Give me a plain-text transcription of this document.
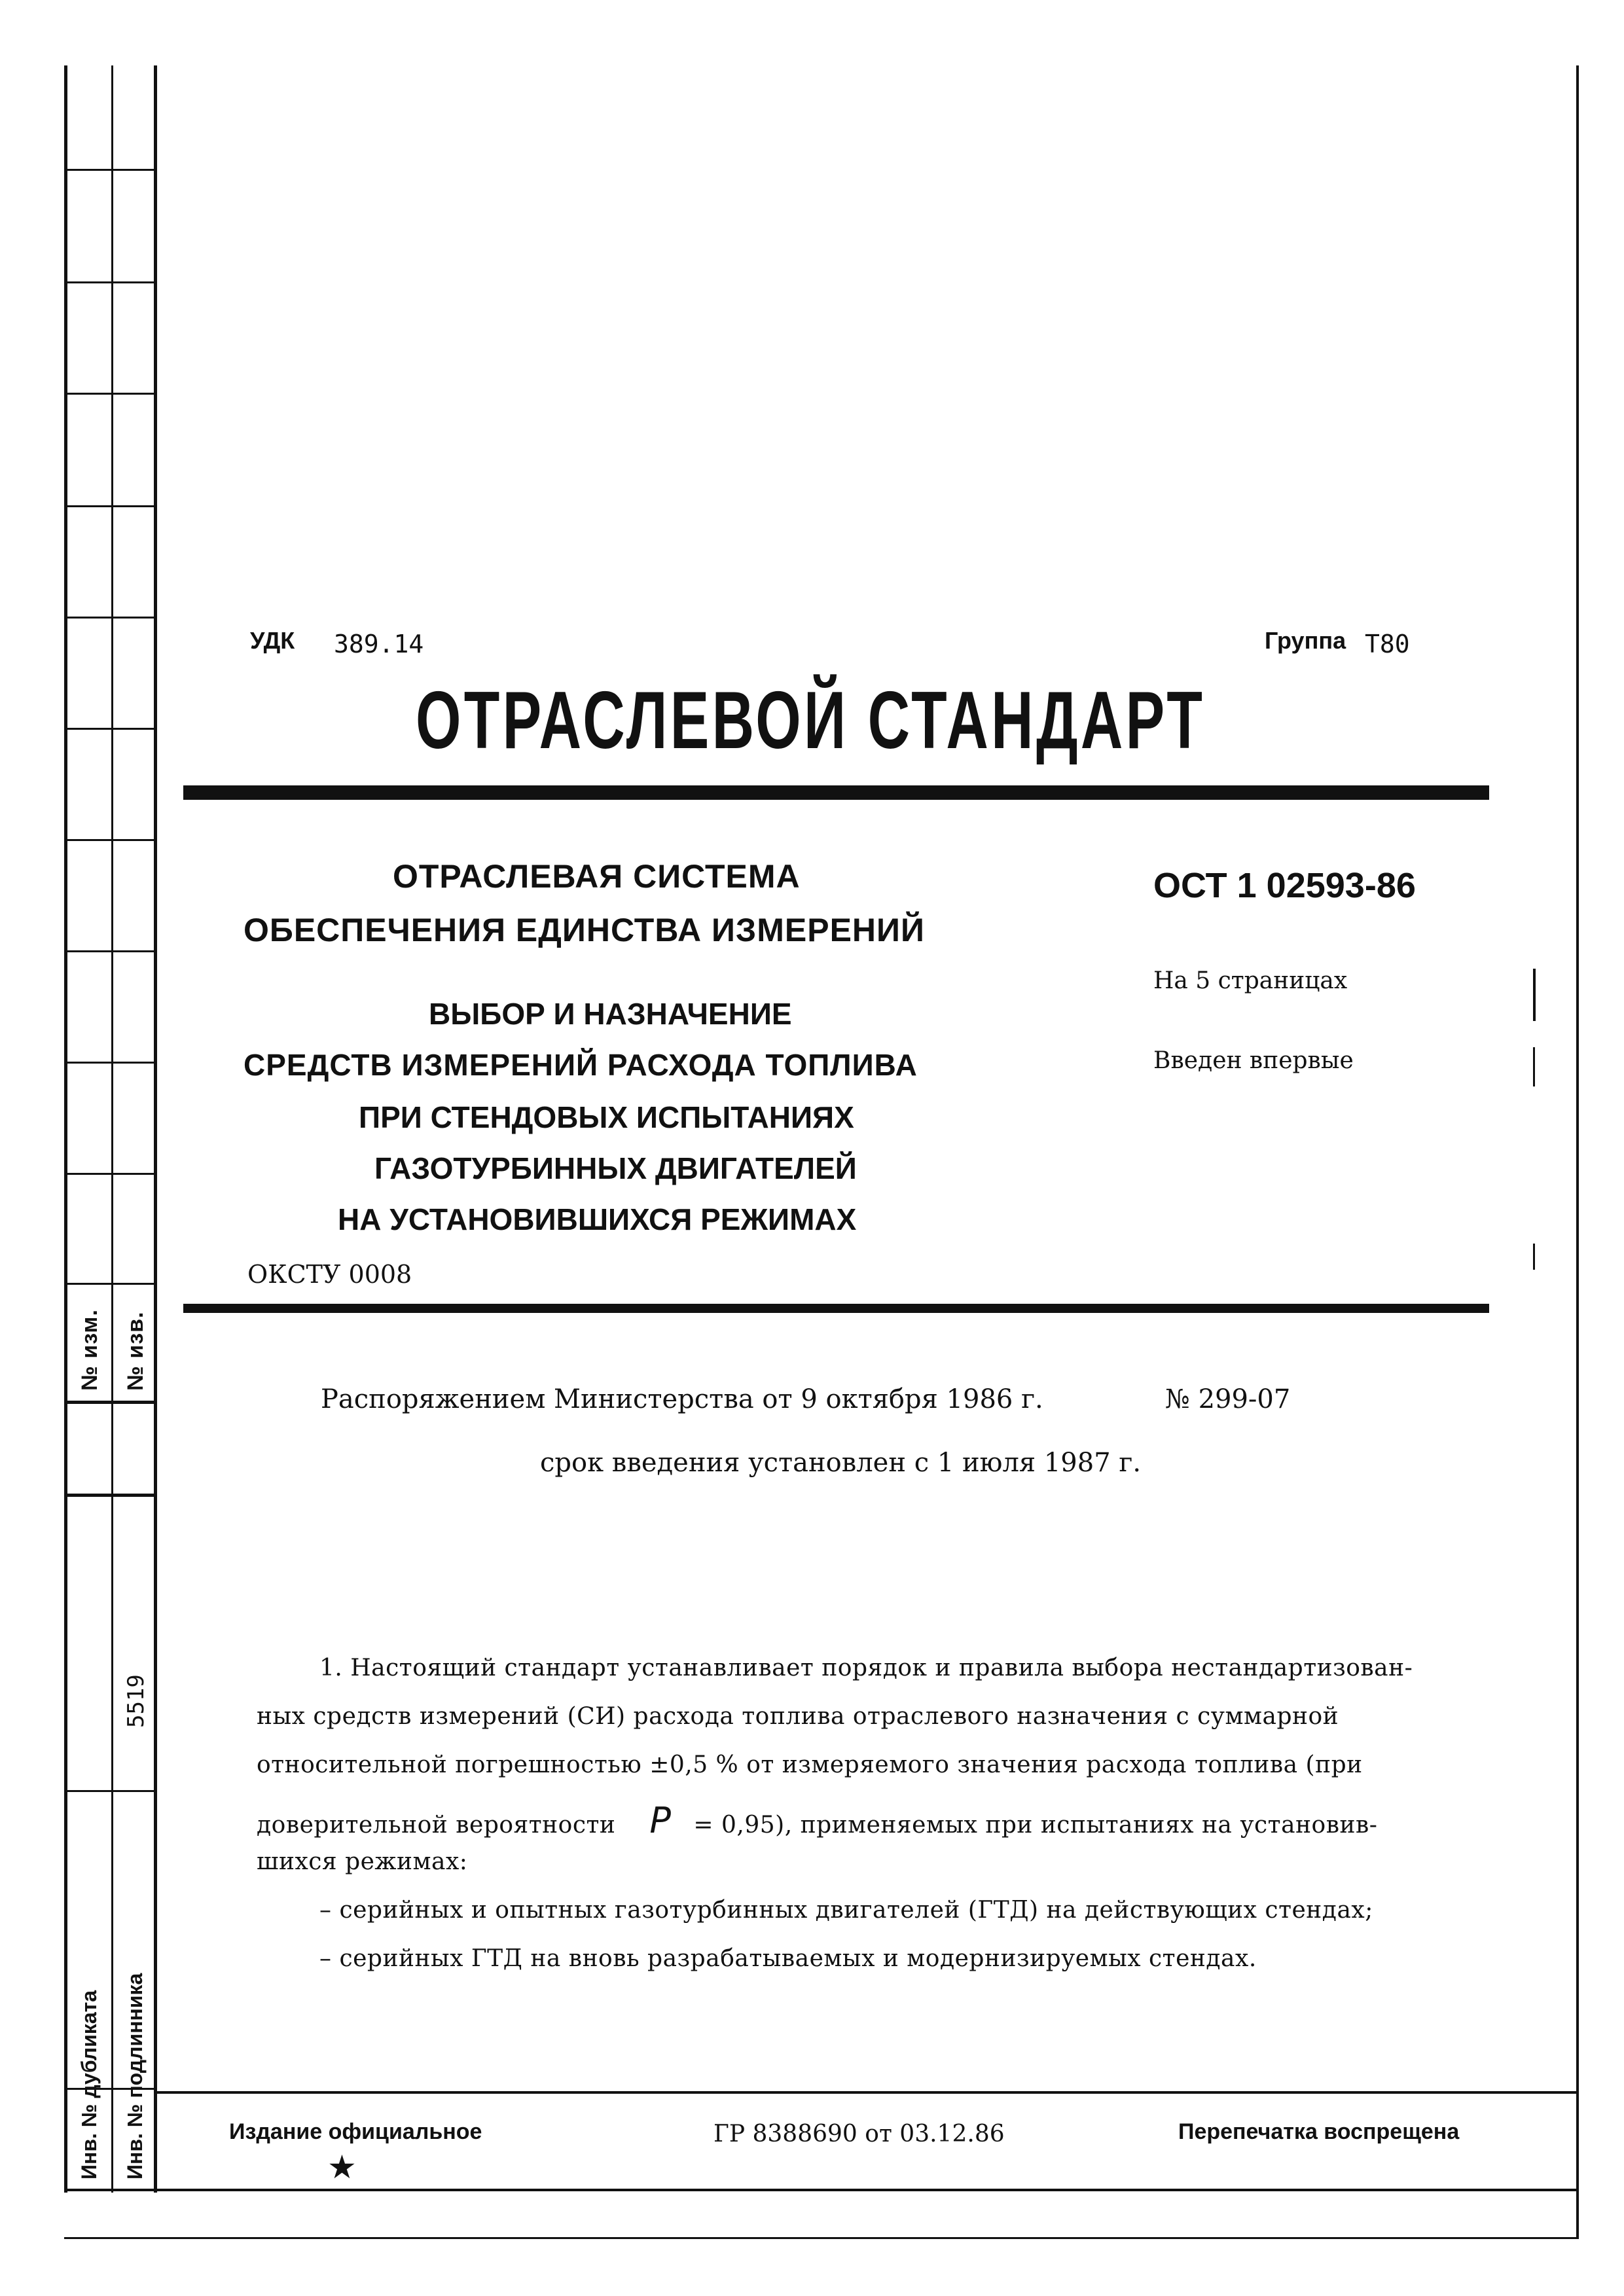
№ изм. № изв.
5519
Инв. № дубликата Инв. № подлинника
УДК 389.14	Группа Т80
ОТРАСЛЕВОЙ СТАНДАРТ
ОТРАСЛЕВАЯ СИСТЕМА
ОБЕСПЕЧЕНИЯ ЕДИНСТВА ИЗМЕРЕНИЙ
ВЫБОР И НАЗНАЧЕНИЕ
СРЕДСТВ ИЗМЕРЕНИЙ РАСХОДА ТОПЛИВА
ПРИ СТЕНДОВЫХ ИСПЫТАНИЯХ
ГАЗОТУРБИННЫХ ДВИГАТЕЛЕЙ
НА УСТАНОВИВШИХСЯ РЕЖИМАХ
ОКСТУ 0008
ОСТ 1 02593-86
На 5 страницах
Введен впервые
Распоряжением Министерства от 9 октября 1986 г.	№ 299-07
срок введения установлен с 1 июля 1987 г.
1. Настоящий стандарт устанавливает порядок и правила выбора нестандартизован-
ных средств измерений (СИ) расхода топлива отраслевого назначения с суммарной
относительной погрешностью ±0,5 % от измеряемого значения расхода топлива (при
доверительной вероятности P = 0,95), применяемых при испытаниях на установив-
шихся режимах:
– серийных и опытных газотурбинных двигателей (ГТД) на действующих стендах;
– серийных ГТД на вновь разрабатываемых и модернизируемых стендах.
Издание официальное
★
ГР 8388690 от 03.12.86	Перепечатка воспрещена
